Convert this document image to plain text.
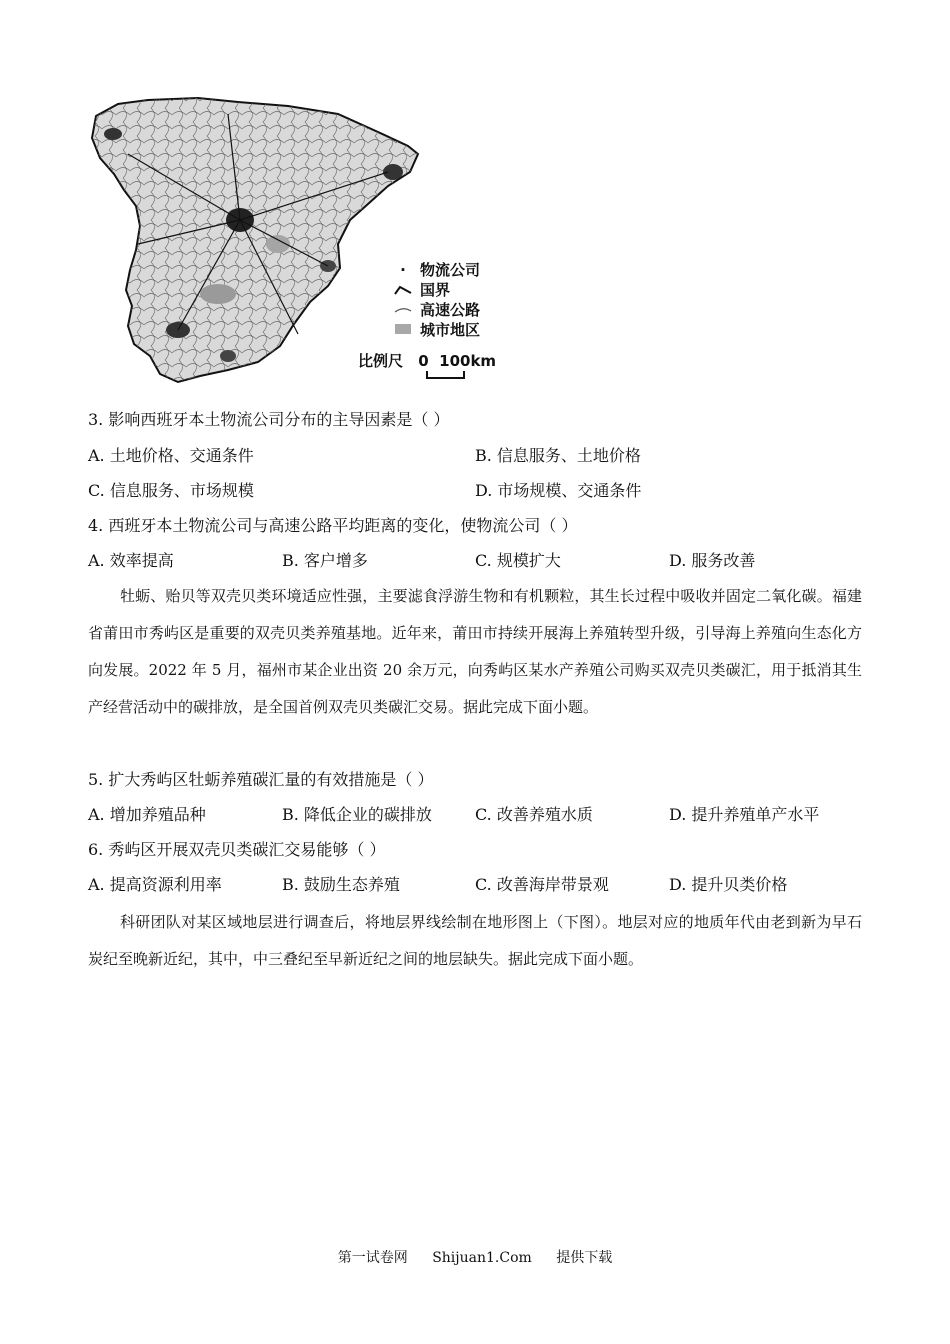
· 物流公司
国界
高速公路
城市地区
比例尺 0  100km
3. 影响西班牙本土物流公司分布的主导因素是（ ）
A. 土地价格、交通条件	B. 信息服务、土地价格
C. 信息服务、市场规模	D. 市场规模、交通条件
4. 西班牙本土物流公司与高速公路平均距离的变化，使物流公司（ ）
A. 效率提高	B. 客户增多	C. 规模扩大	D. 服务改善
牡蛎、贻贝等双壳贝类环境适应性强，主要滤食浮游生物和有机颗粒，其生长过程中吸收并固定二氧化碳。福建省莆田市秀屿区是重要的双壳贝类养殖基地。近年来，莆田市持续开展海上养殖转型升级，引导海上养殖向生态化方向发展。2022 年 5 月，福州市某企业出资 20 余万元，向秀屿区某水产养殖公司购买双壳贝类碳汇，用于抵消其生产经营活动中的碳排放，是全国首例双壳贝类碳汇交易。据此完成下面小题。
5. 扩大秀屿区牡蛎养殖碳汇量的有效措施是（ ）
A. 增加养殖品种	B. 降低企业的碳排放	C. 改善养殖水质	D. 提升养殖单产水平
6. 秀屿区开展双壳贝类碳汇交易能够（ ）
A. 提高资源利用率	B. 鼓励生态养殖	C. 改善海岸带景观	D. 提升贝类价格
科研团队对某区域地层进行调查后，将地层界线绘制在地形图上（下图）。地层对应的地质年代由老到新为早石炭纪至晚新近纪，其中，中三叠纪至早新近纪之间的地层缺失。据此完成下面小题。
第一试卷网 Shijuan1.Com 提供下载
